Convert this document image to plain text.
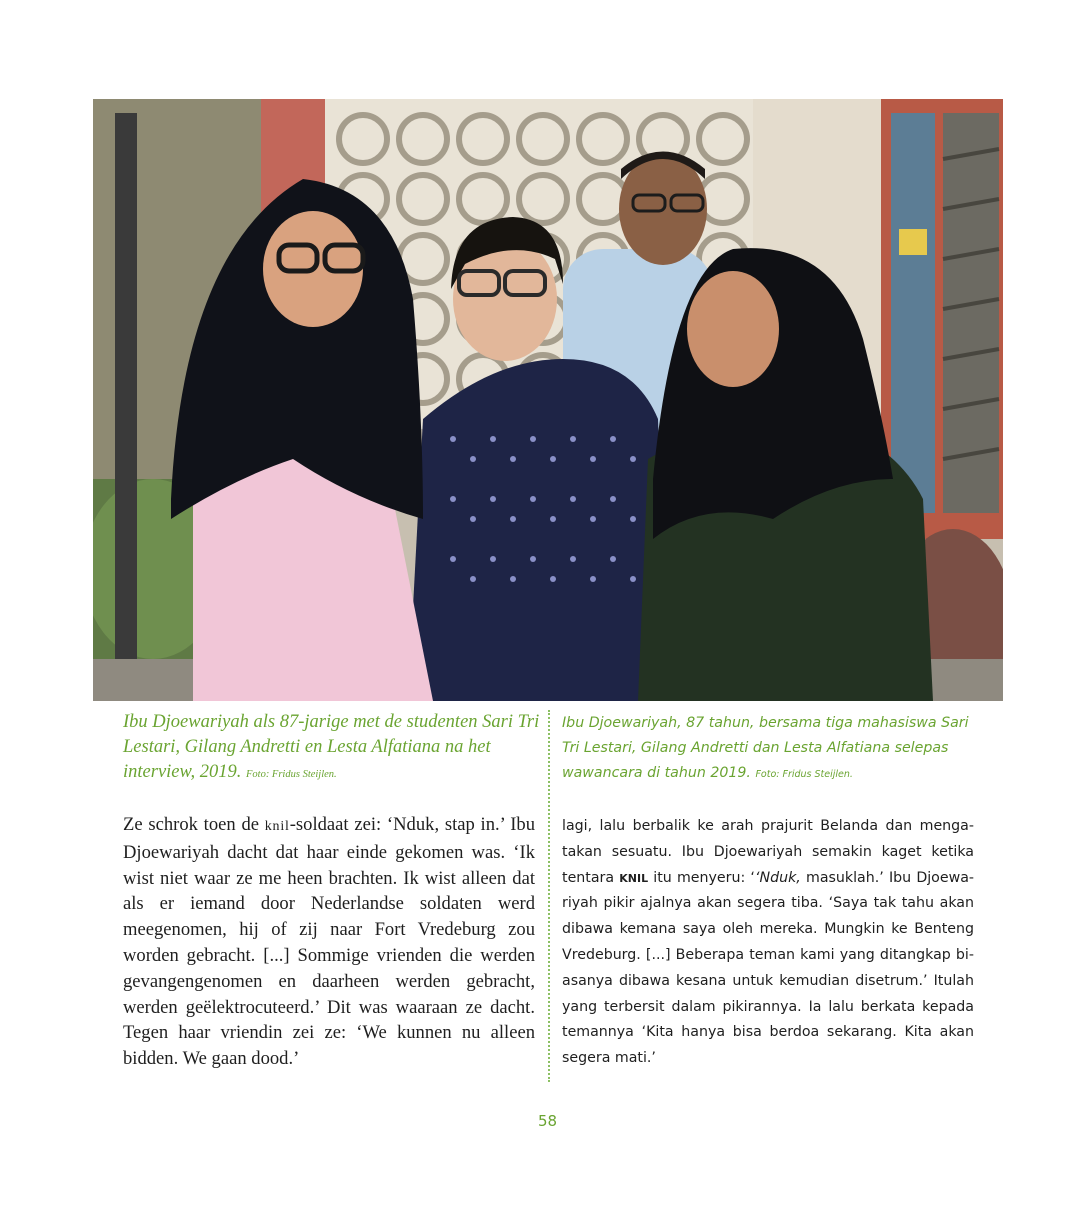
Ibu Djoewariyah als 87-jarige met de studenten Sari Tri Lestari, Gilang Andretti en Lesta Alfatiana na het interview, 2019. Foto: Fridus Steijlen.
Ibu Djoewariyah, 87 tahun, bersama tiga mahasiswa Sari Tri Lestari, Gilang Andretti dan Lesta Alfatiana selepas wawancara di tahun 2019. Foto: Fridus Steijlen.
Ze schrok toen de knil-soldaat zei: ‘Nduk, stap in.’ Ibu Djoewariyah dacht dat haar einde gekomen was. ‘Ik wist niet waar ze me heen brachten. Ik wist alleen dat als er iemand door Nederlandse soldaten werd meegenomen, hij of zij naar Fort Vredeburg zou worden gebracht. [...] Sommige vrienden die werden gevangengenomen en daarheen werden gebracht, werden geëlektrocuteerd.’ Dit was waaraan ze dacht. Tegen haar vriendin zei ze: ‘We kunnen nu alleen bidden. We gaan dood.’
lagi, lalu berbalik ke arah prajurit Belanda dan mengatakan sesuatu. Ibu Djoewariyah semakin kaget ketika tentara KNIL itu menyeru: ‘‘Nduk, masuklah.’ Ibu Djoewariyah pikir ajalnya akan segera tiba. ‘Saya tak tahu akan dibawa kemana saya oleh mereka. Mungkin ke Benteng Vredeburg. [...] Beberapa teman kami yang ditangkap biasanya dibawa kesana untuk kemudian disetrum.’ Itulah yang terbersit dalam pikirannya. Ia lalu berkata kepada temannya ‘Kita hanya bisa berdoa sekarang. Kita akan segera mati.’
58
